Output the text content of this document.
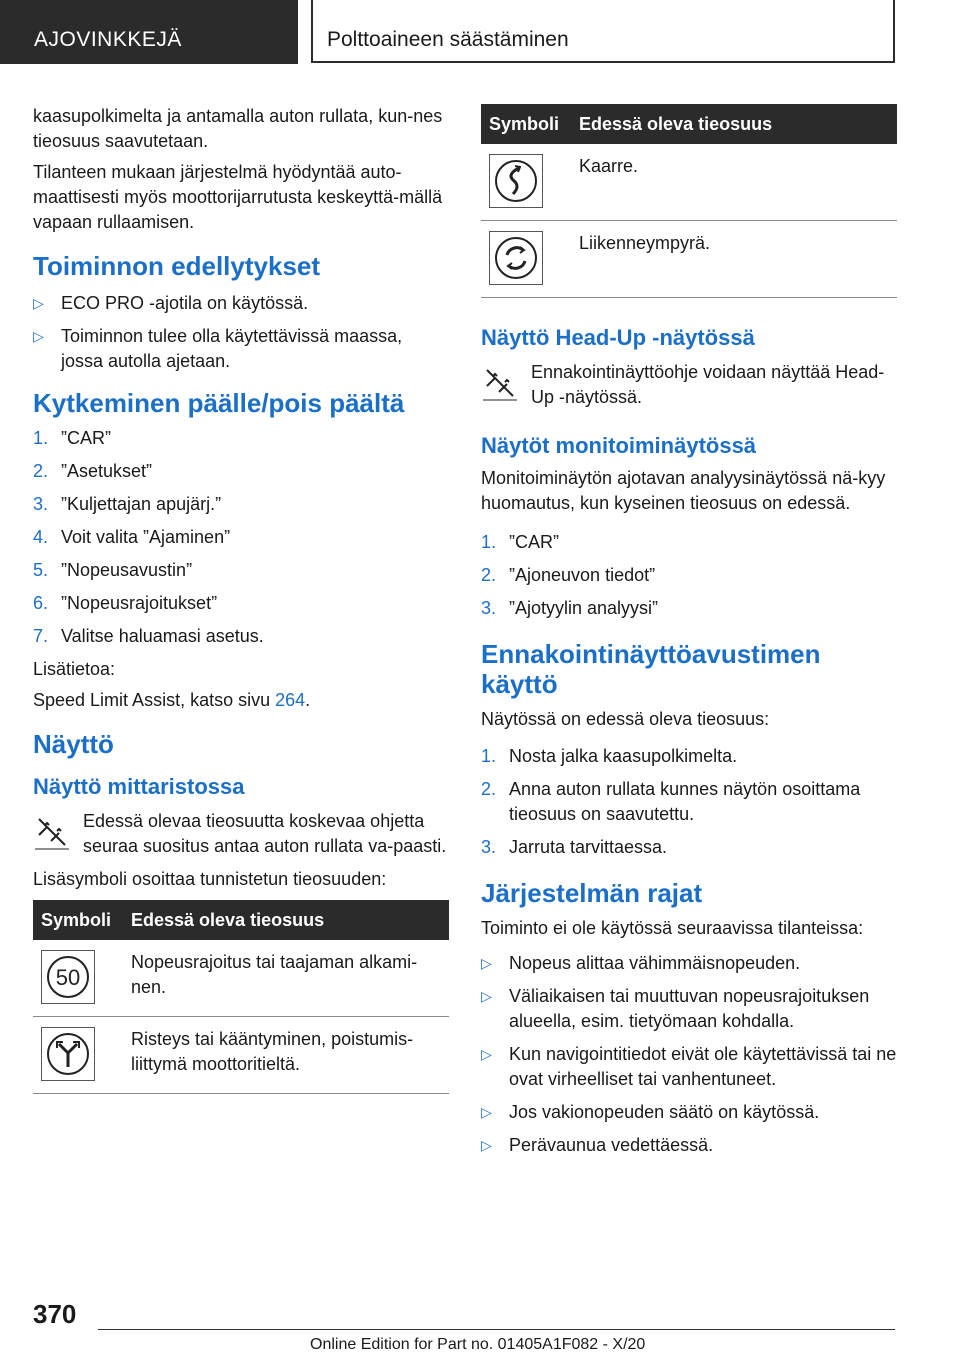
AJOVINKKEJÄ	Polttoaineen säästäminen

kaasupolkimelta ja antamalla auton rullata, kun-nes tieosuus saavutetaan.

Tilanteen mukaan järjestelmä hyödyntää auto-maattisesti myös moottorijarrutusta keskeyttä-mällä vapaan rullaamisen.

Toiminnon edellytykset
▷ ECO PRO -ajotila on käytössä.
▷ Toiminnon tulee olla käytettävissä maassa, jossa autolla ajetaan.
Kytkeminen päälle/pois päältä
1. ”CAR”
2. ”Asetukset”
3. ”Kuljettajan apujärj.”
4. Voit valita ”Ajaminen”
5. ”Nopeusavustin”
6. ”Nopeusrajoitukset”
7. Valitse haluamasi asetus.

Lisätietoa:

Speed Limit Assist, katso sivu 264.

Näyttö
Näyttö mittaristossa

Edessä olevaa tieosuutta koskevaa ohjetta seuraa suositus antaa auton rullata va-paasti.

Lisäsymboli osoittaa tunnistetun tieosuuden:

Symboli	Edessä oleva tieosuus

50	Nopeusrajoitus tai taajaman alkami-nen.

	Risteys tai kääntyminen, poistumis-liittymä moottoritieltä.
Symboli	Edessä oleva tieosuus

	Kaarre.

	Liikenneympyrä.
Näyttö Head-Up -näytössä

Ennakointinäyttöohje voidaan näyttää Head-Up -näytössä.

Näytöt monitoiminäytössä

Monitoiminäytön ajotavan analyysinäytössä nä-kyy huomautus, kun kyseinen tieosuus on edessä.

1. ”CAR”
2. ”Ajoneuvon tiedot”
3. ”Ajotyylin analyysi”
Ennakointinäyttöavustimen käyttö

Näytössä on edessä oleva tieosuus:

1. Nosta jalka kaasupolkimelta.
2. Anna auton rullata kunnes näytön osoittama tieosuus on saavutettu.
3. Jarruta tarvittaessa.
Järjestelmän rajat

Toiminto ei ole käytössä seuraavissa tilanteissa:

▷ Nopeus alittaa vähimmäisnopeuden.
▷ Väliaikaisen tai muuttuvan nopeusrajoituksen alueella, esim. tietyömaan kohdalla.
▷ Kun navigointitiedot eivät ole käytettävissä tai ne ovat virheelliset tai vanhentuneet.
▷ Jos vakionopeuden säätö on käytössä.
▷ Perävaunua vedettäessä.
370
Online Edition for Part no. 01405A1F082 - X/20
